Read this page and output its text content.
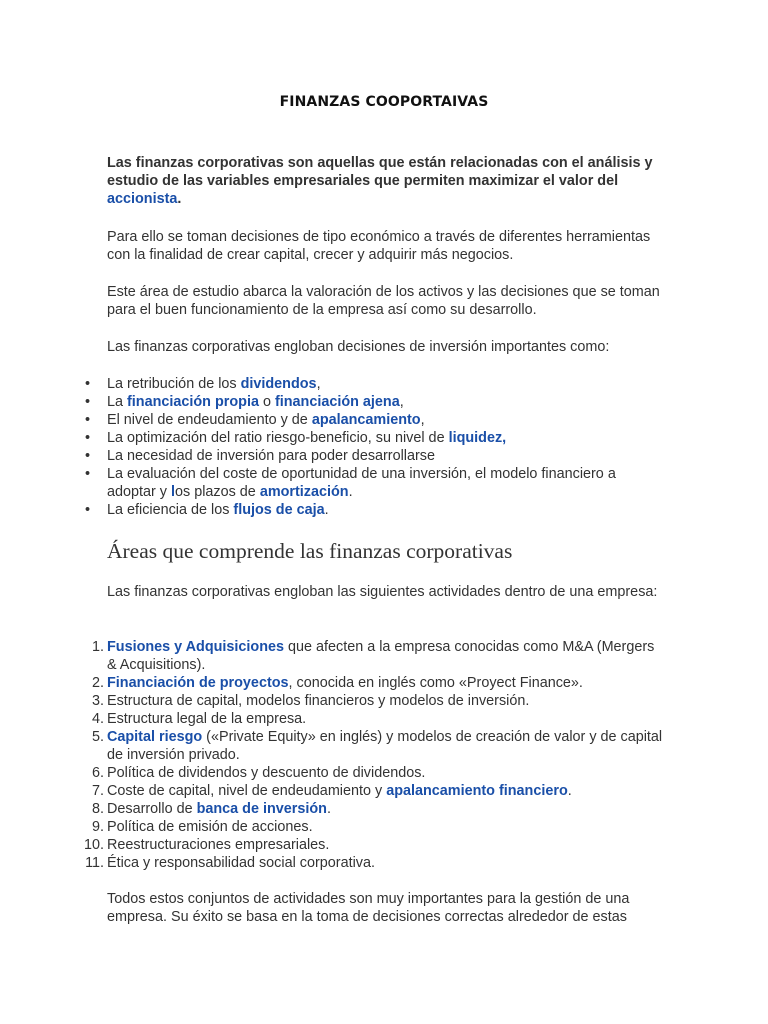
FINANZAS COOPORTAIVAS
Las finanzas corporativas son aquellas que están relacionadas con el análisis y estudio de las variables empresariales que permiten maximizar el valor del accionista.
Para ello se toman decisiones de tipo económico a través de diferentes herramientas con la finalidad de crear capital, crecer y adquirir más negocios.
Este área de estudio abarca la valoración de los activos y las decisiones que se toman para el buen funcionamiento de la empresa así como su desarrollo.
Las finanzas corporativas engloban decisiones de inversión importantes como:
• La retribución de los dividendos,
• La financiación propia o financiación ajena,
• El nivel de endeudamiento y de apalancamiento,
• La optimización del ratio riesgo-beneficio, su nivel de liquidez,
• La necesidad de inversión para poder desarrollarse
• La evaluación del coste de oportunidad de una inversión, el modelo financiero a adoptar y los plazos de amortización.
• La eficiencia de los flujos de caja.
Áreas que comprende las finanzas corporativas
Las finanzas corporativas engloban las siguientes actividades dentro de una empresa:
1. Fusiones y Adquisiciones que afecten a la empresa conocidas como M&A (Mergers & Acquisitions).
2. Financiación de proyectos, conocida en inglés como «Proyect Finance».
3. Estructura de capital, modelos financieros y modelos de inversión.
4. Estructura legal de la empresa.
5. Capital riesgo («Private Equity» en inglés) y modelos de creación de valor y de capital de inversión privado.
6. Política de dividendos y descuento de dividendos.
7. Coste de capital, nivel de endeudamiento y apalancamiento financiero.
8. Desarrollo de banca de inversión.
9. Política de emisión de acciones.
10. Reestructuraciones empresariales.
11. Ética y responsabilidad social corporativa.
Todos estos conjuntos de actividades son muy importantes para la gestión de una empresa. Su éxito se basa en la toma de decisiones correctas alrededor de estas
